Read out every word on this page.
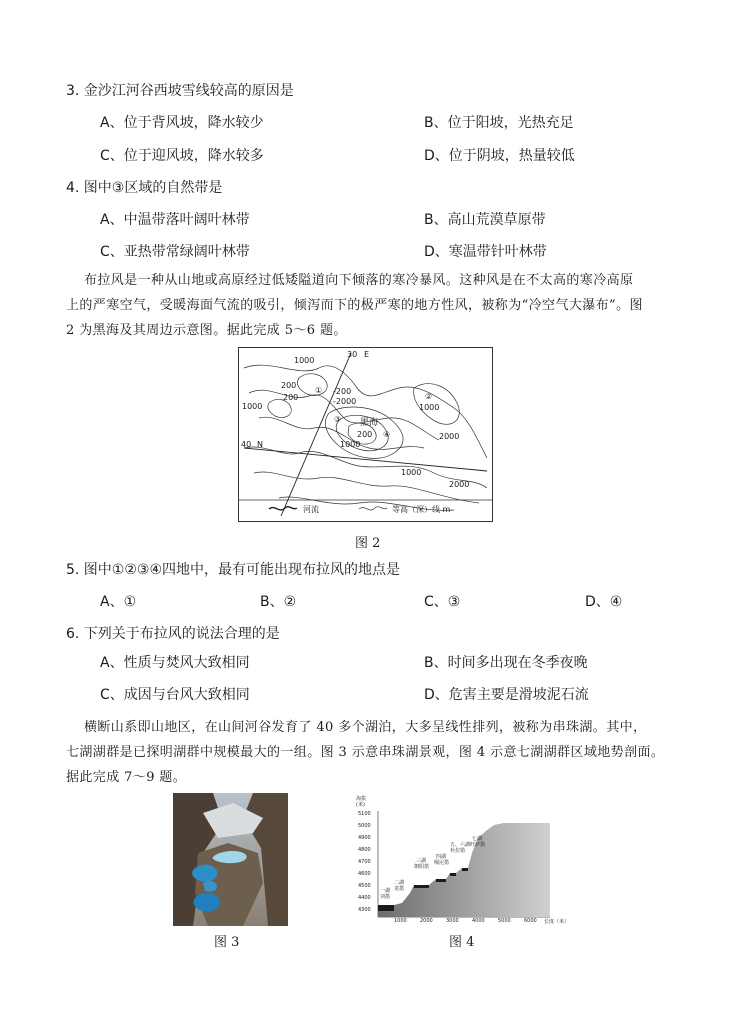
3. 金沙江河谷西坡雪线较高的原因是
A、位于背风坡，降水较少	B、位于阳坡，光热充足
C、位于迎风坡，降水较多	D、位于阴坡，热量较低
4. 图中③区域的自然带是
A、中温带落叶阔叶林带	B、高山荒漠草原带
C、亚热带常绿阔叶林带	D、寒温带针叶林带
布拉风是一种从山地或高原经过低矮隘道向下倾落的寒冷暴风。这种风是在不太高的寒冷高原
上的严寒空气，受暖海面气流的吸引，倾泻而下的极严寒的地方性风，被称为“冷空气大瀑布”。图
2 为黑海及其周边示意图。据此完成 5～6 题。
1000
30 E
200
200
1000
① -200
-2000
②
1000
③ 黑海
200 ④
1000
2000
40 N
1000
2000
河流	等高（深）线 m
图 2
5. 图中①②③④四地中，最有可能出现布拉风的地点是
A、①	B、②	C、③	D、④
6. 下列关于布拉风的说法合理的是
A、性质与焚风大致相同	B、时间多出现在冬季夜晚
C、成因与台风大致相同	D、危害主要是滑坡泥石流
横断山系即山地区，在山间河谷发育了 40 多个湖泊，大多呈线性排列，被称为串珠湖。其中，
七湖湖群是已探明湖群中规模最大的一组。图 3 示意串珠湖景观，图 4 示意七湖湖群区域地势剖面。
据此完成 7～9 题。
图 3
海拔
(米)
5100
5000
4900
4800
4700
4600
4500
4400
4300
1000	2000	3000	4000	5000	6000 长度（米）
一湖
词措
二湖
龙措
三湖
朝阳措
四湖
嘎尼措
五、六湖
补拉错
七湖
旺萨措
图 4
